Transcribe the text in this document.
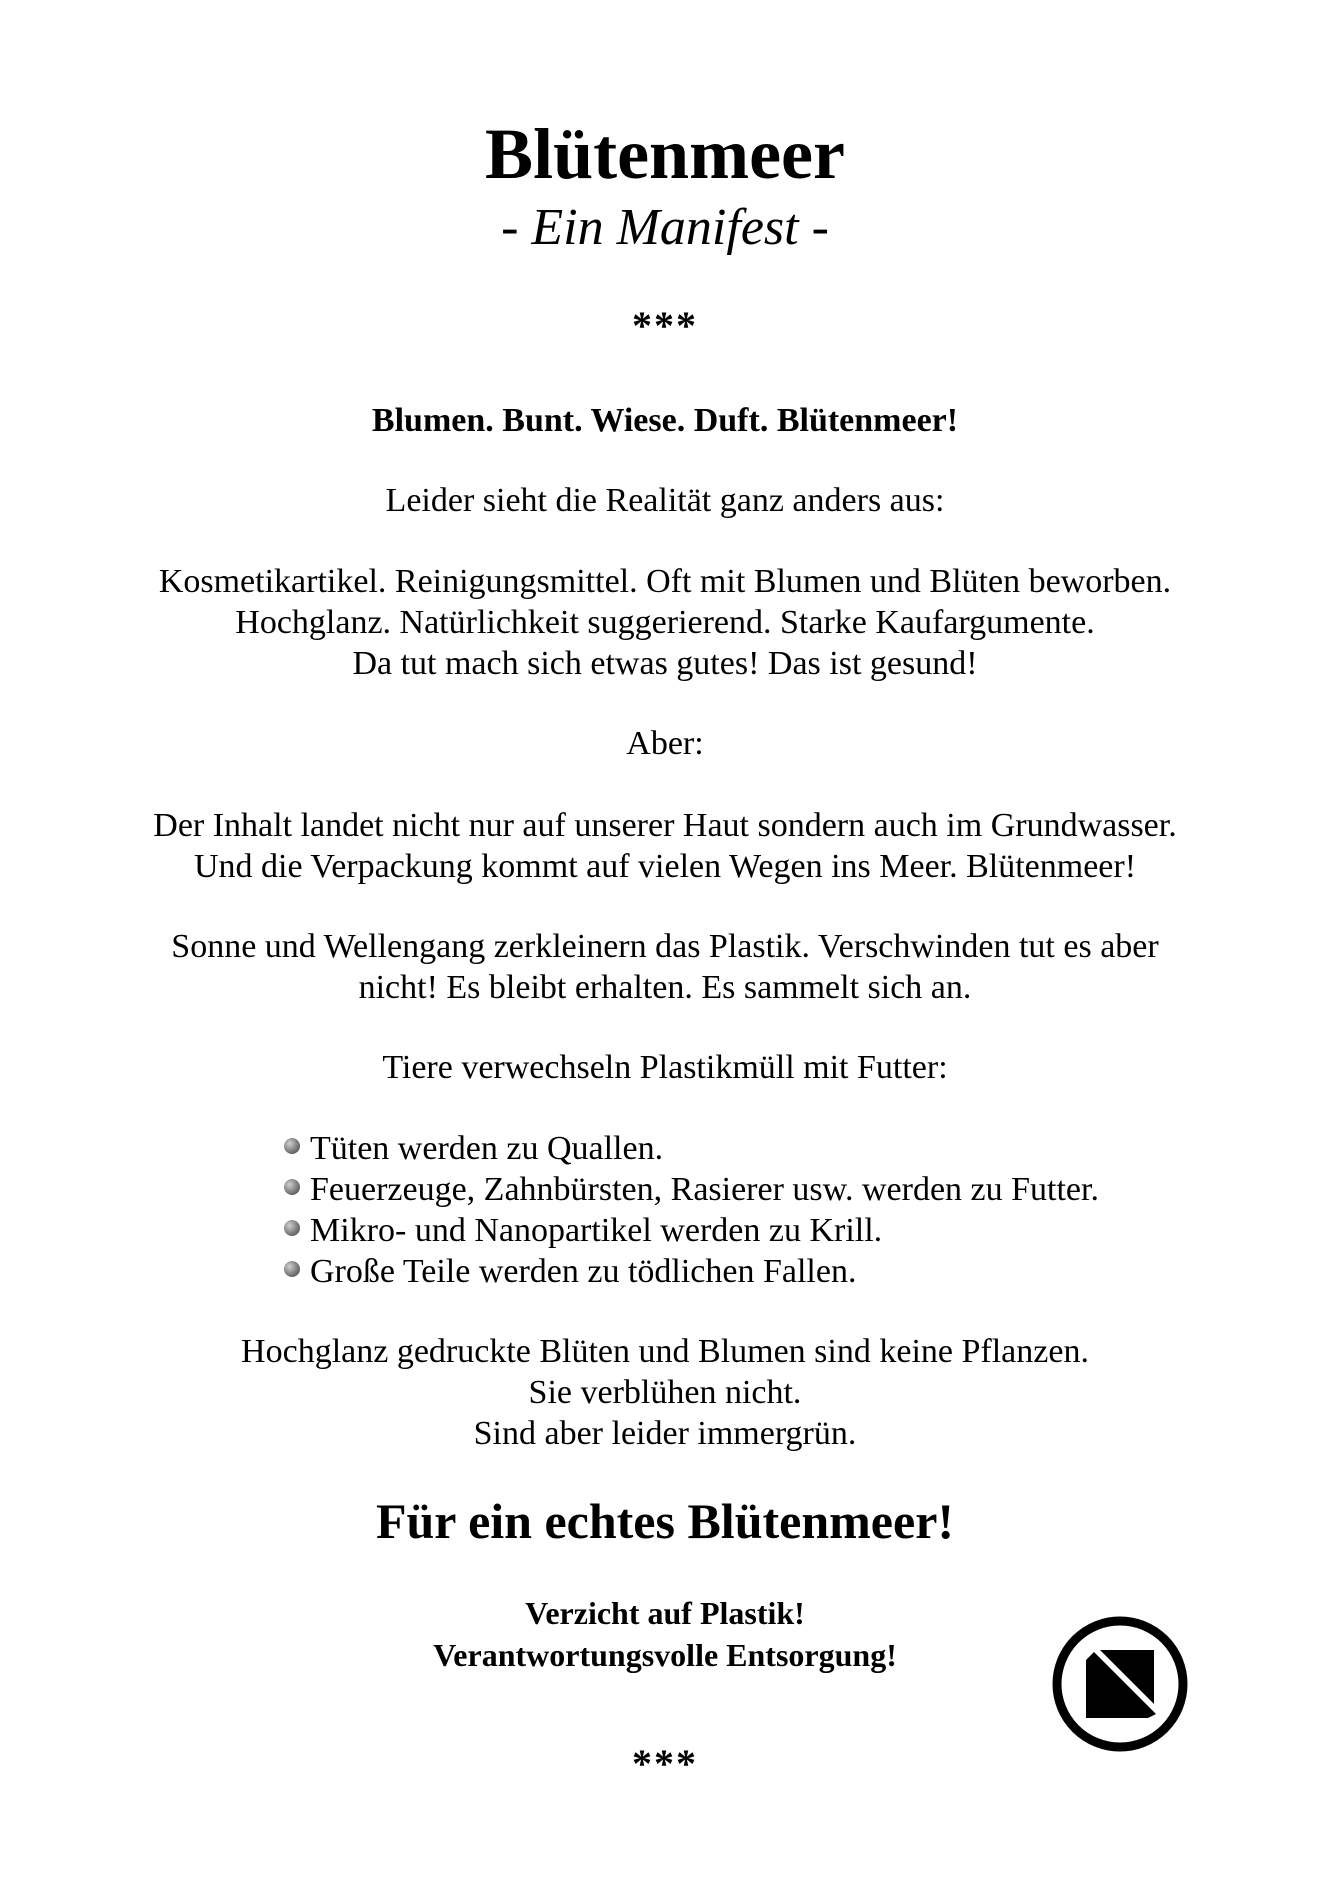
Blütenmeer

- Ein Manifest -

***

Blumen. Bunt. Wiese. Duft. Blütenmeer!

Leider sieht die Realität ganz anders aus:

Kosmetikartikel. Reinigungsmittel. Oft mit Blumen und Blüten beworben.
Hochglanz. Natürlichkeit suggerierend. Starke Kaufargumente.
Da tut mach sich etwas gutes! Das ist gesund!

Aber:

Der Inhalt landet nicht nur auf unserer Haut sondern auch im Grundwasser.
Und die Verpackung kommt auf vielen Wegen ins Meer. Blütenmeer!

Sonne und Wellengang zerkleinern das Plastik. Verschwinden tut es aber
nicht! Es bleibt erhalten. Es sammelt sich an.

Tiere verwechseln Plastikmüll mit Futter:

Tüten werden zu Quallen.
Feuerzeuge, Zahnbürsten, Rasierer usw. werden zu Futter.
Mikro- und Nanopartikel werden zu Krill.
Große Teile werden zu tödlichen Fallen.

Hochglanz gedruckte Blüten und Blumen sind keine Pflanzen.
Sie verblühen nicht.
Sind aber leider immergrün.

Für ein echtes Blütenmeer!

Verzicht auf Plastik!
Verantwortungsvolle Entsorgung!

***
